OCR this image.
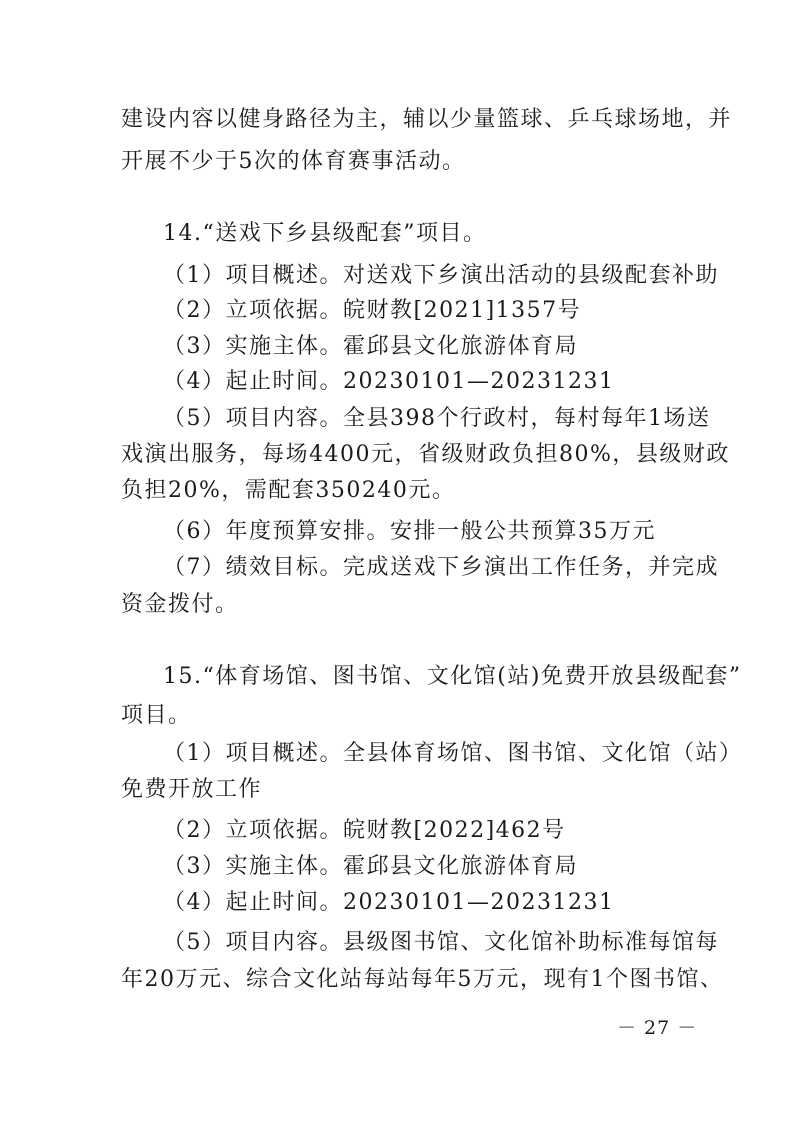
建设内容以健身路径为主，辅以少量篮球、乒乓球场地，并
开展不少于5次的体育赛事活动。
14.“送戏下乡县级配套”项目。
（1）项目概述。对送戏下乡演出活动的县级配套补助
（2）立项依据。皖财教[2021]1357号
（3）实施主体。霍邱县文化旅游体育局
（4）起止时间。20230101—20231231
（5）项目内容。全县398个行政村，每村每年1场送
戏演出服务，每场4400元，省级财政负担80%，县级财政
负担20%，需配套350240元。
（6）年度预算安排。安排一般公共预算35万元
（7）绩效目标。完成送戏下乡演出工作任务，并完成
资金拨付。
15.“体育场馆、图书馆、文化馆(站)免费开放县级配套”
项目。
（1）项目概述。全县体育场馆、图书馆、文化馆（站）
免费开放工作
（2）立项依据。皖财教[2022]462号
（3）实施主体。霍邱县文化旅游体育局
（4）起止时间。20230101—20231231
（5）项目内容。县级图书馆、文化馆补助标准每馆每
年20万元、综合文化站每站每年5万元，现有1个图书馆、
－ 27 －
